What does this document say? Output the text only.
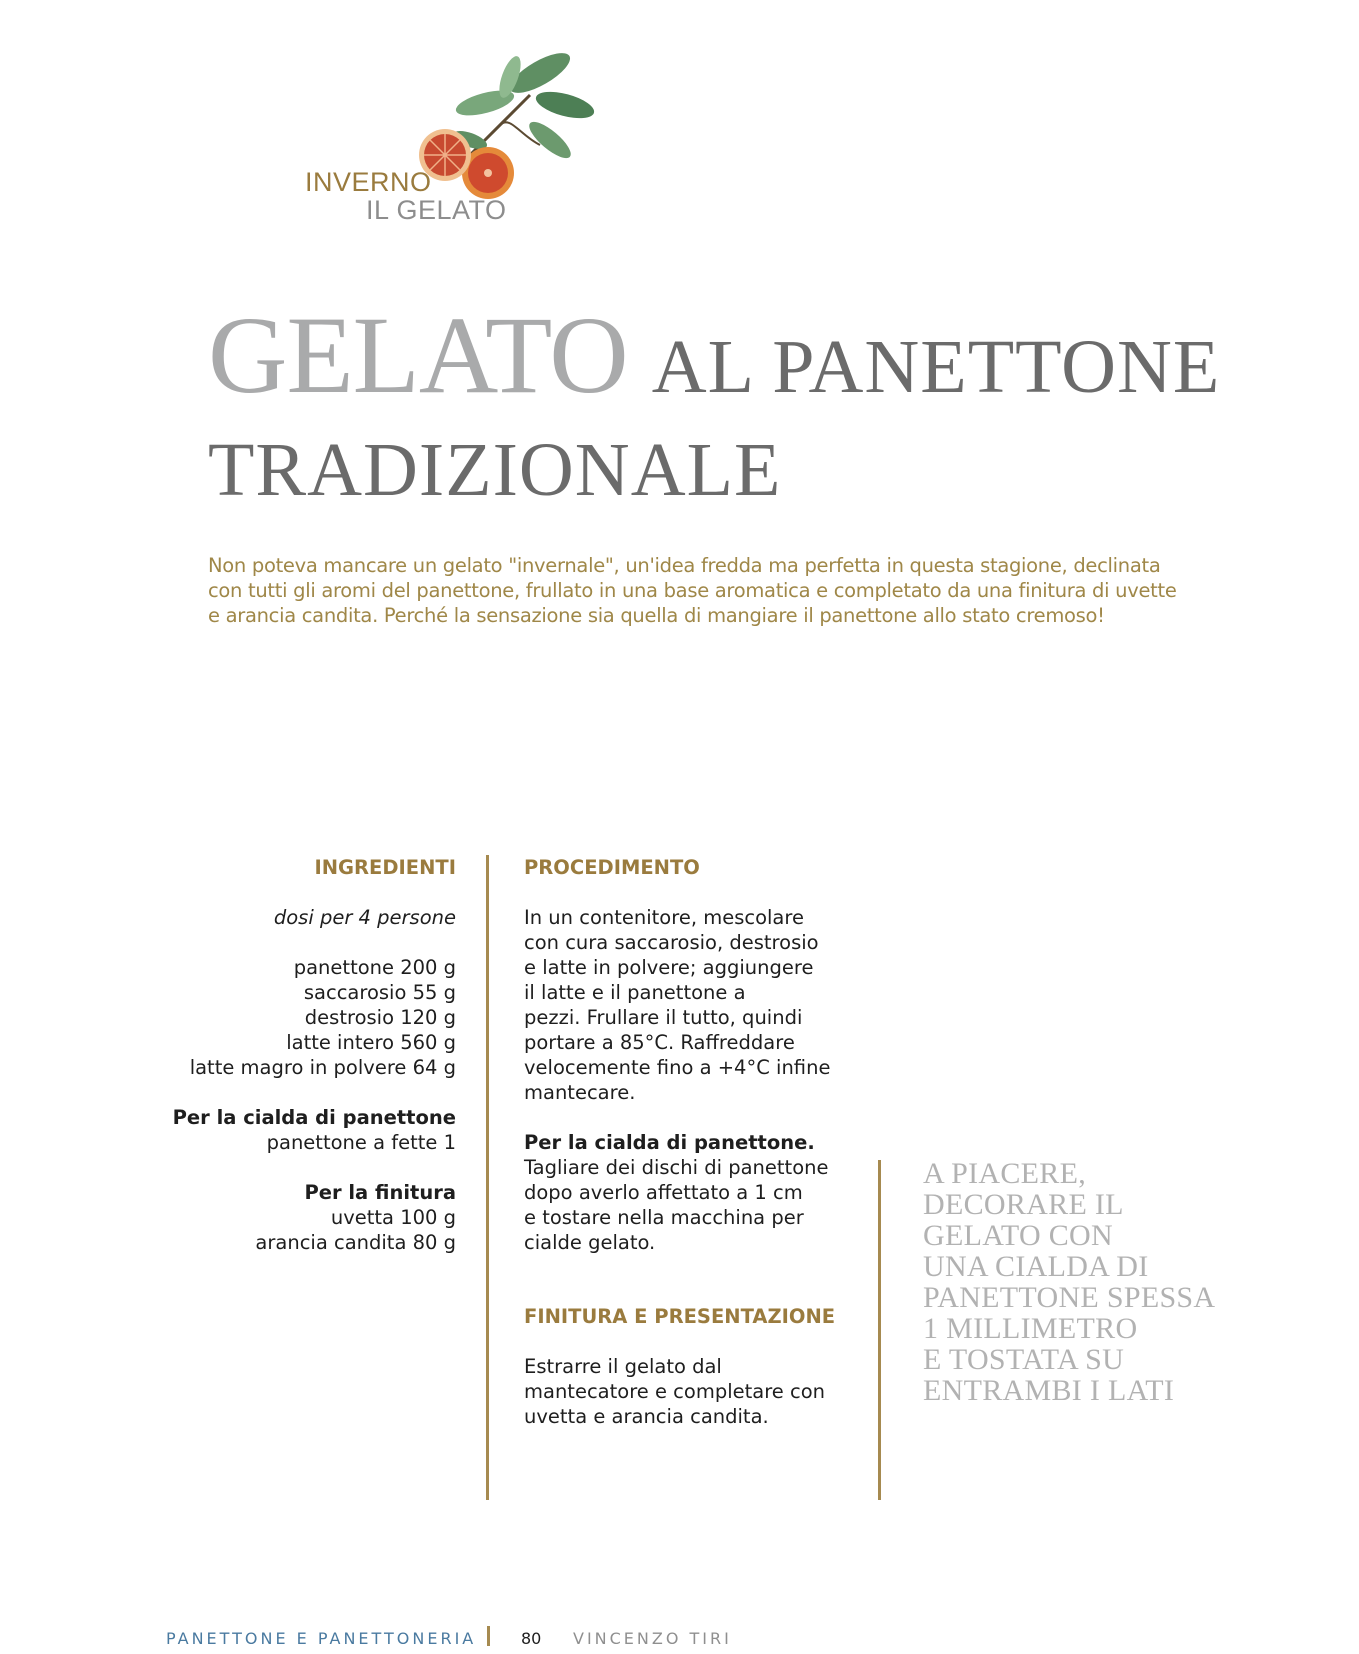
INVERNO
IL GELATO
GELATO AL PANETTONE
TRADIZIONALE
Non poteva mancare un gelato "invernale", un'idea fredda ma perfetta in questa stagione, declinata con tutti gli aromi del panettone, frullato in una base aromatica e completato da una finitura di uvette e arancia candita. Perché la sensazione sia quella di mangiare il panettone allo stato cremoso!
INGREDIENTI
dosi per 4 persone
panettone 200 g
saccarosio 55 g
destrosio 120 g
latte intero 560 g
latte magro in polvere 64 g
Per la cialda di panettone
panettone a fette 1
Per la finitura
uvetta 100 g
arancia candita 80 g
PROCEDIMENTO
In un contenitore, mescolare
con cura saccarosio, destrosio
e latte in polvere; aggiungere
il latte e il panettone a
pezzi. Frullare il tutto, quindi
portare a 85°C. Raffreddare
velocemente fino a +4°C infine
mantecare.
Per la cialda di panettone.
Tagliare dei dischi di panettone
dopo averlo affettato a 1 cm
e tostare nella macchina per
cialde gelato.
FINITURA E PRESENTAZIONE
Estrarre il gelato dal
mantecatore e completare con
uvetta e arancia candita.
A PIACERE,
DECORARE IL
GELATO CON
UNA CIALDA DI
PANETTONE SPESSA
1 MILLIMETRO
E TOSTATA SU
ENTRAMBI I LATI
PANETTONE E PANETTONERIA	80 VINCENZO TIRI
